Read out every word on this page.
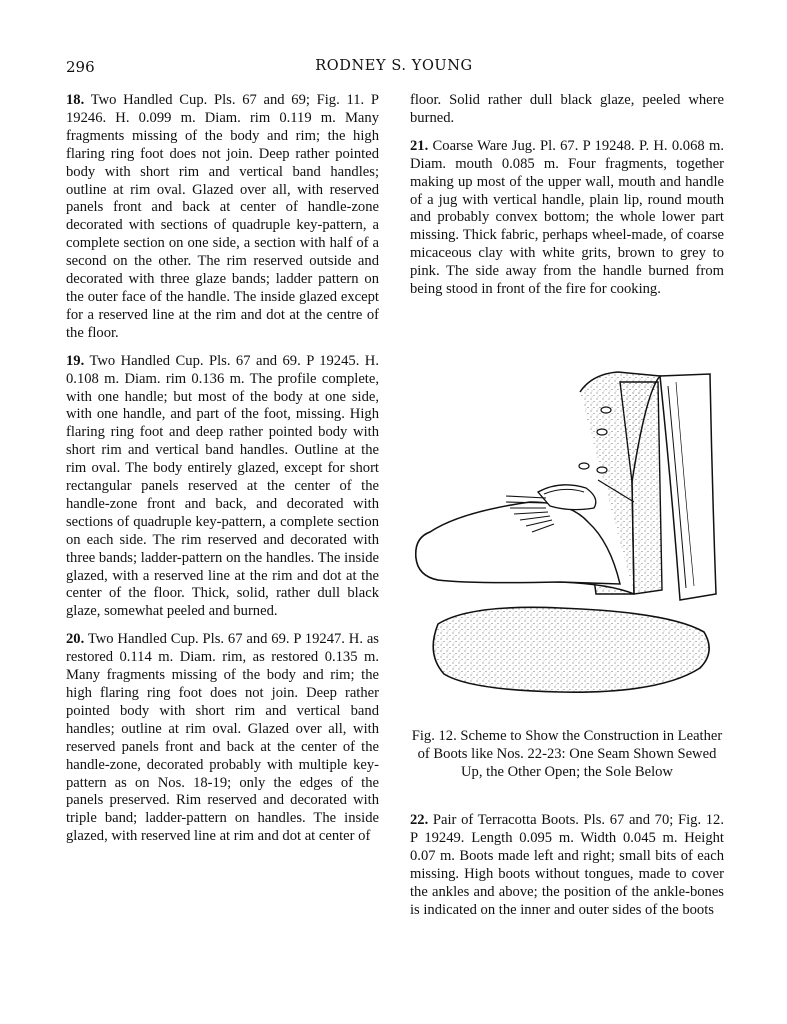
296	RODNEY S. YOUNG

18. Two Handled Cup. Pls. 67 and 69; Fig. 11. P 19246. H. 0.099 m. Diam. rim 0.119 m. Many fragments missing of the body and rim; the high flaring ring foot does not join. Deep rather pointed body with short rim and vertical band handles; outline at rim oval. Glazed over all, with reserved panels front and back at center of handle-zone decorated with sections of quadruple key-pattern, a complete section on one side, a section with half of a second on the other. The rim reserved outside and decorated with three glaze bands; ladder pattern on the outer face of the handle. The inside glazed except for a reserved line at the rim and dot at the centre of the floor.

19. Two Handled Cup. Pls. 67 and 69. P 19245. H. 0.108 m. Diam. rim 0.136 m. The profile complete, with one handle; but most of the body at one side, with one handle, and part of the foot, missing. High flaring ring foot and deep rather pointed body with short rim and vertical band handles. Outline at the rim oval. The body entirely glazed, except for short rectangular panels reserved at the center of the handle-zone front and back, and decorated with sections of quadruple key-pattern, a complete section on each side. The rim reserved and decorated with three bands; ladder-pattern on the handles. The inside glazed, with a reserved line at the rim and dot at the center of the floor. Thick, solid, rather dull black glaze, somewhat peeled and burned.

20. Two Handled Cup. Pls. 67 and 69. P 19247. H. as restored 0.114 m. Diam. rim, as restored 0.135 m. Many fragments missing of the body and rim; the high flaring ring foot does not join. Deep rather pointed body with short rim and vertical band handles; outline at rim oval. Glazed over all, with reserved panels front and back at the center of the handle-zone, decorated probably with multiple key-pattern as on Nos. 18-19; only the edges of the panels preserved. Rim reserved and decorated with triple band; ladder-pattern on handles. The inside glazed, with reserved line at rim and dot at center of

floor. Solid rather dull black glaze, peeled where burned.

21. Coarse Ware Jug. Pl. 67. P 19248. P. H. 0.068 m. Diam. mouth 0.085 m. Four fragments, together making up most of the upper wall, mouth and handle of a jug with vertical handle, plain lip, round mouth and probably convex bottom; the whole lower part missing. Thick fabric, perhaps wheel-made, of coarse micaceous clay with white grits, brown to grey to pink. The side away from the handle burned from being stood in front of the fire for cooking.

Fig. 12. Scheme to Show the Construction in Leather of Boots like Nos. 22-23: One Seam Shown Sewed Up, the Other Open; the Sole Below

22. Pair of Terracotta Boots. Pls. 67 and 70; Fig. 12. P 19249. Length 0.095 m. Width 0.045 m. Height 0.07 m. Boots made left and right; small bits of each missing. High boots without tongues, made to cover the ankles and above; the position of the ankle-bones is indicated on the inner and outer sides of the boots
